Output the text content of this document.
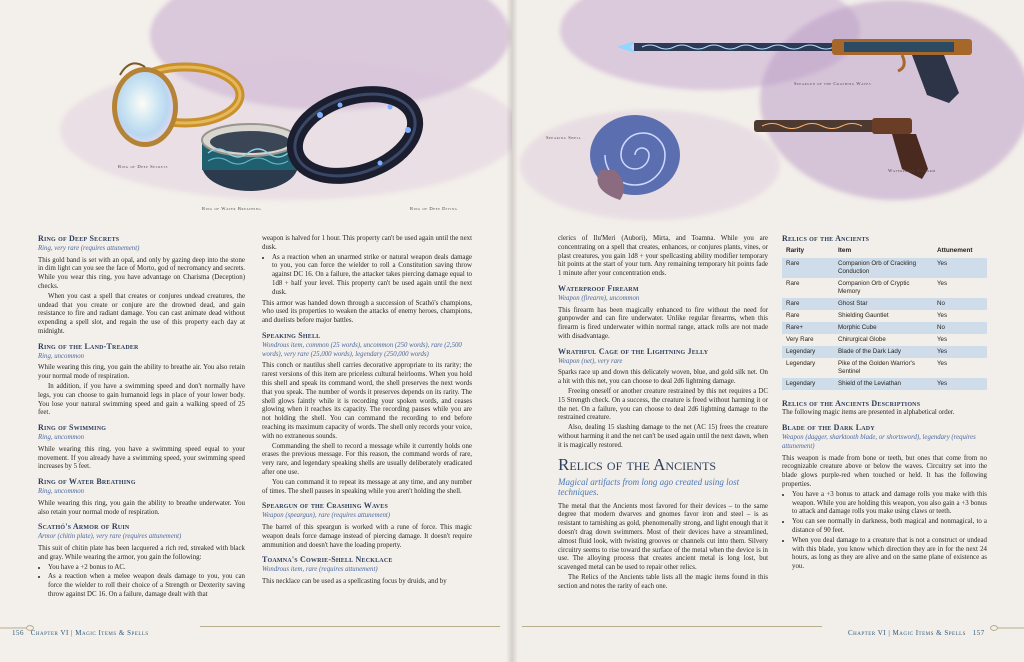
Ring of Deep Secrets
Ring of Water Breathing	Ring of Deep Diving
Ring of Deep Secrets
Ring, very rare (requires attunement)

This gold band is set with an opal, and only by gazing deep into the stone in dim light can you see the face of Morto, god of necromancy and secrets. While you wear this ring, you have advantage on Charisma (Deception) checks.

When you cast a spell that creates or conjures undead creatures, the undead that you create or conjure are the drowned dead, and gain resistance to fire and radiant damage. You can cast animate dead without expending a spell slot, and regain the use of this property each day at midnight.

Ring of the Land-Treader
Ring, uncommon

While wearing this ring, you gain the ability to breathe air. You also retain your normal mode of respiration.

In addition, if you have a swimming speed and don't normally have legs, you can choose to gain humanoid legs in place of your lower body. You lose your natural swimming speed and gain a walking speed of 25 feet.

Ring of Swimming
Ring, uncommon

While wearing this ring, you have a swimming speed equal to your movement. If you already have a swimming speed, your swimming speed increases by 5 feet.

Ring of Water Breathing
Ring, uncommon

While wearing this ring, you gain the ability to breathe underwater. You also retain your normal mode of respiration.

Scathó's Armor of Ruin
Armor (chitin plate), very rare (requires attunement)

This suit of chitin plate has been lacquered a rich red, streaked with black and gray. While wearing the armor, you gain the following:

• You have a +2 bonus to AC.
• As a reaction when a melee weapon deals damage to you, you can force the wielder to roll their choice of a Strength or Dexterity saving throw against DC 16. On a failure, damage dealt with that

weapon is halved for 1 hour. This property can't be used again until the next dusk.

• As a reaction when an unarmed strike or natural weapon deals damage to you, you can force the wielder to roll a Constitution saving throw against DC 16. On a failure, the attacker takes piercing damage equal to 1d8 + half your level. This property can't be used again until the next dusk.

This armor was handed down through a succession of Scathó's champions, who used its properties to weaken the attacks of enemy heroes, champions, and duelists before major battles.

Speaking Shell
Wondrous item, common (25 words), uncommon (250 words), rare (2,500 words), very rare (25,000 words), legendary (250,000 words)

This conch or nautilus shell carries decorative appropriate to its rarity; the rarest versions of this item are priceless cultural heirlooms. When you hold this shell and speak its command word, the shell preserves the next words that you speak. The number of words it preserves depends on its rarity. The shell glows faintly while it is recording your spoken words, and ceases glowing when it reaches its capacity. The recording pauses while you are not holding the shell. You can command the recording to end before reaching its maximum capacity of words. The shell only records your voice, with no extraneous sounds.

Commanding the shell to record a message while it currently holds one erases the previous message. For this reason, the command words of rare, very rare, and legendary speaking shells are usually deliberately eradicated after one use.

You can command it to repeat its message at any time, and any number of times. The shell pauses in speaking while you aren't holding the shell.

Speargun of the Crashing Waves
Weapon (speargun), rare (requires attunement)

The barrel of this speargun is worked with a rune of force. This magic weapon deals force damage instead of piercing damage. It doesn't require ammunition and doesn't have the loading property.

Toamna's Cowrie-Shell Necklace
Wondrous item, rare (requires attunement)

This necklace can be used as a spellcasting focus by druids, and by

156 Chapter VI | Magic Items & Spells
Speargun of the Crashing Waves
Speaking Shell
Waterproof Firearm

clerics of Ilu'Meri (Aubori), Mirta, and Toamna. While you are concentrating on a spell that creates, enhances, or conjures plants, vines, or plast creatures, you gain 1d8 + your spellcasting ability modifier temporary hit points at the start of your turn. Any remaining temporary hit points fade 1 minute after your concentration ends.

Waterproof Firearm
Weapon (firearm), uncommon

This firearm has been magically enhanced to fire without the need for gunpowder and can fire underwater. Unlike regular firearms, when this firearm is fired underwater within normal range, attack rolls are not made with disadvantage.

Wrathful Cage of the Lightning Jelly
Weapon (net), very rare

Sparks race up and down this delicately woven, blue, and gold silk net. On a hit with this net, you can choose to deal 2d6 lightning damage.

Freeing oneself or another creature restrained by this net requires a DC 15 Strength check. On a success, the creature is freed without harming it or the net. On a failure, you can choose to deal 2d6 lightning damage to the restrained creature.

Also, dealing 15 slashing damage to the net (AC 15) frees the creature without harming it and the net can't be used again until the next dawn, when it is magically restored.

Relics of the Ancients
Magical artifacts from long ago created using lost techniques.

The metal that the Ancients most favored for their devices – to the same degree that modern dwarves and gnomes favor iron and steel – is as resistant to tarnishing as gold, phenomenally strong, and light enough that it doesn't drag down swimmers. Most of their devices have a streamlined, almost fluid look, with twisting grooves or channels cut into them. Silvery circuitry seems to rise toward the surface of the metal when the device is in use. The alloying process that creates ancient metal is long lost, but scavenged metal can be used to repair other relics.

The Relics of the Ancients table lists all the magic items found in this section and notes the rarity of each one.

Relics of the Ancients
Rarity	Item	Attunement
Rare	Companion Orb of Crackling Conduction	Yes
Rare	Companion Orb of Cryptic Memory	Yes
Rare	Ghost Star	No
Rare	Shielding Gauntlet	Yes
Rare+	Morphic Cube	No
Very Rare	Chirurgical Globe	Yes
Legendary	Blade of the Dark Lady	Yes
Legendary	Pike of the Golden Warrior's Sentinel	Yes
Legendary	Shield of the Leviathan	Yes
Relics of the Ancients Descriptions

The following magic items are presented in alphabetical order.

Blade of the Dark Lady
Weapon (dagger, sharktooth blade, or shortsword), legendary (requires attunement)

This weapon is made from bone or teeth, but ones that come from no recognizable creature above or below the waves. Circuitry set into the blade glows purple-red when touched or held. It has the following properties.

• You have a +3 bonus to attack and damage rolls you make with this weapon. While you are holding this weapon, you also gain a +3 bonus to attack and damage rolls you make using claws or teeth.
• You can see normally in darkness, both magical and nonmagical, to a distance of 90 feet.
• When you deal damage to a creature that is not a construct or undead with this blade, you know which direction they are in for the next 24 hours, as long as they are alive and on the same plane of existence as you.
Chapter VI | Magic Items & Spells 157
